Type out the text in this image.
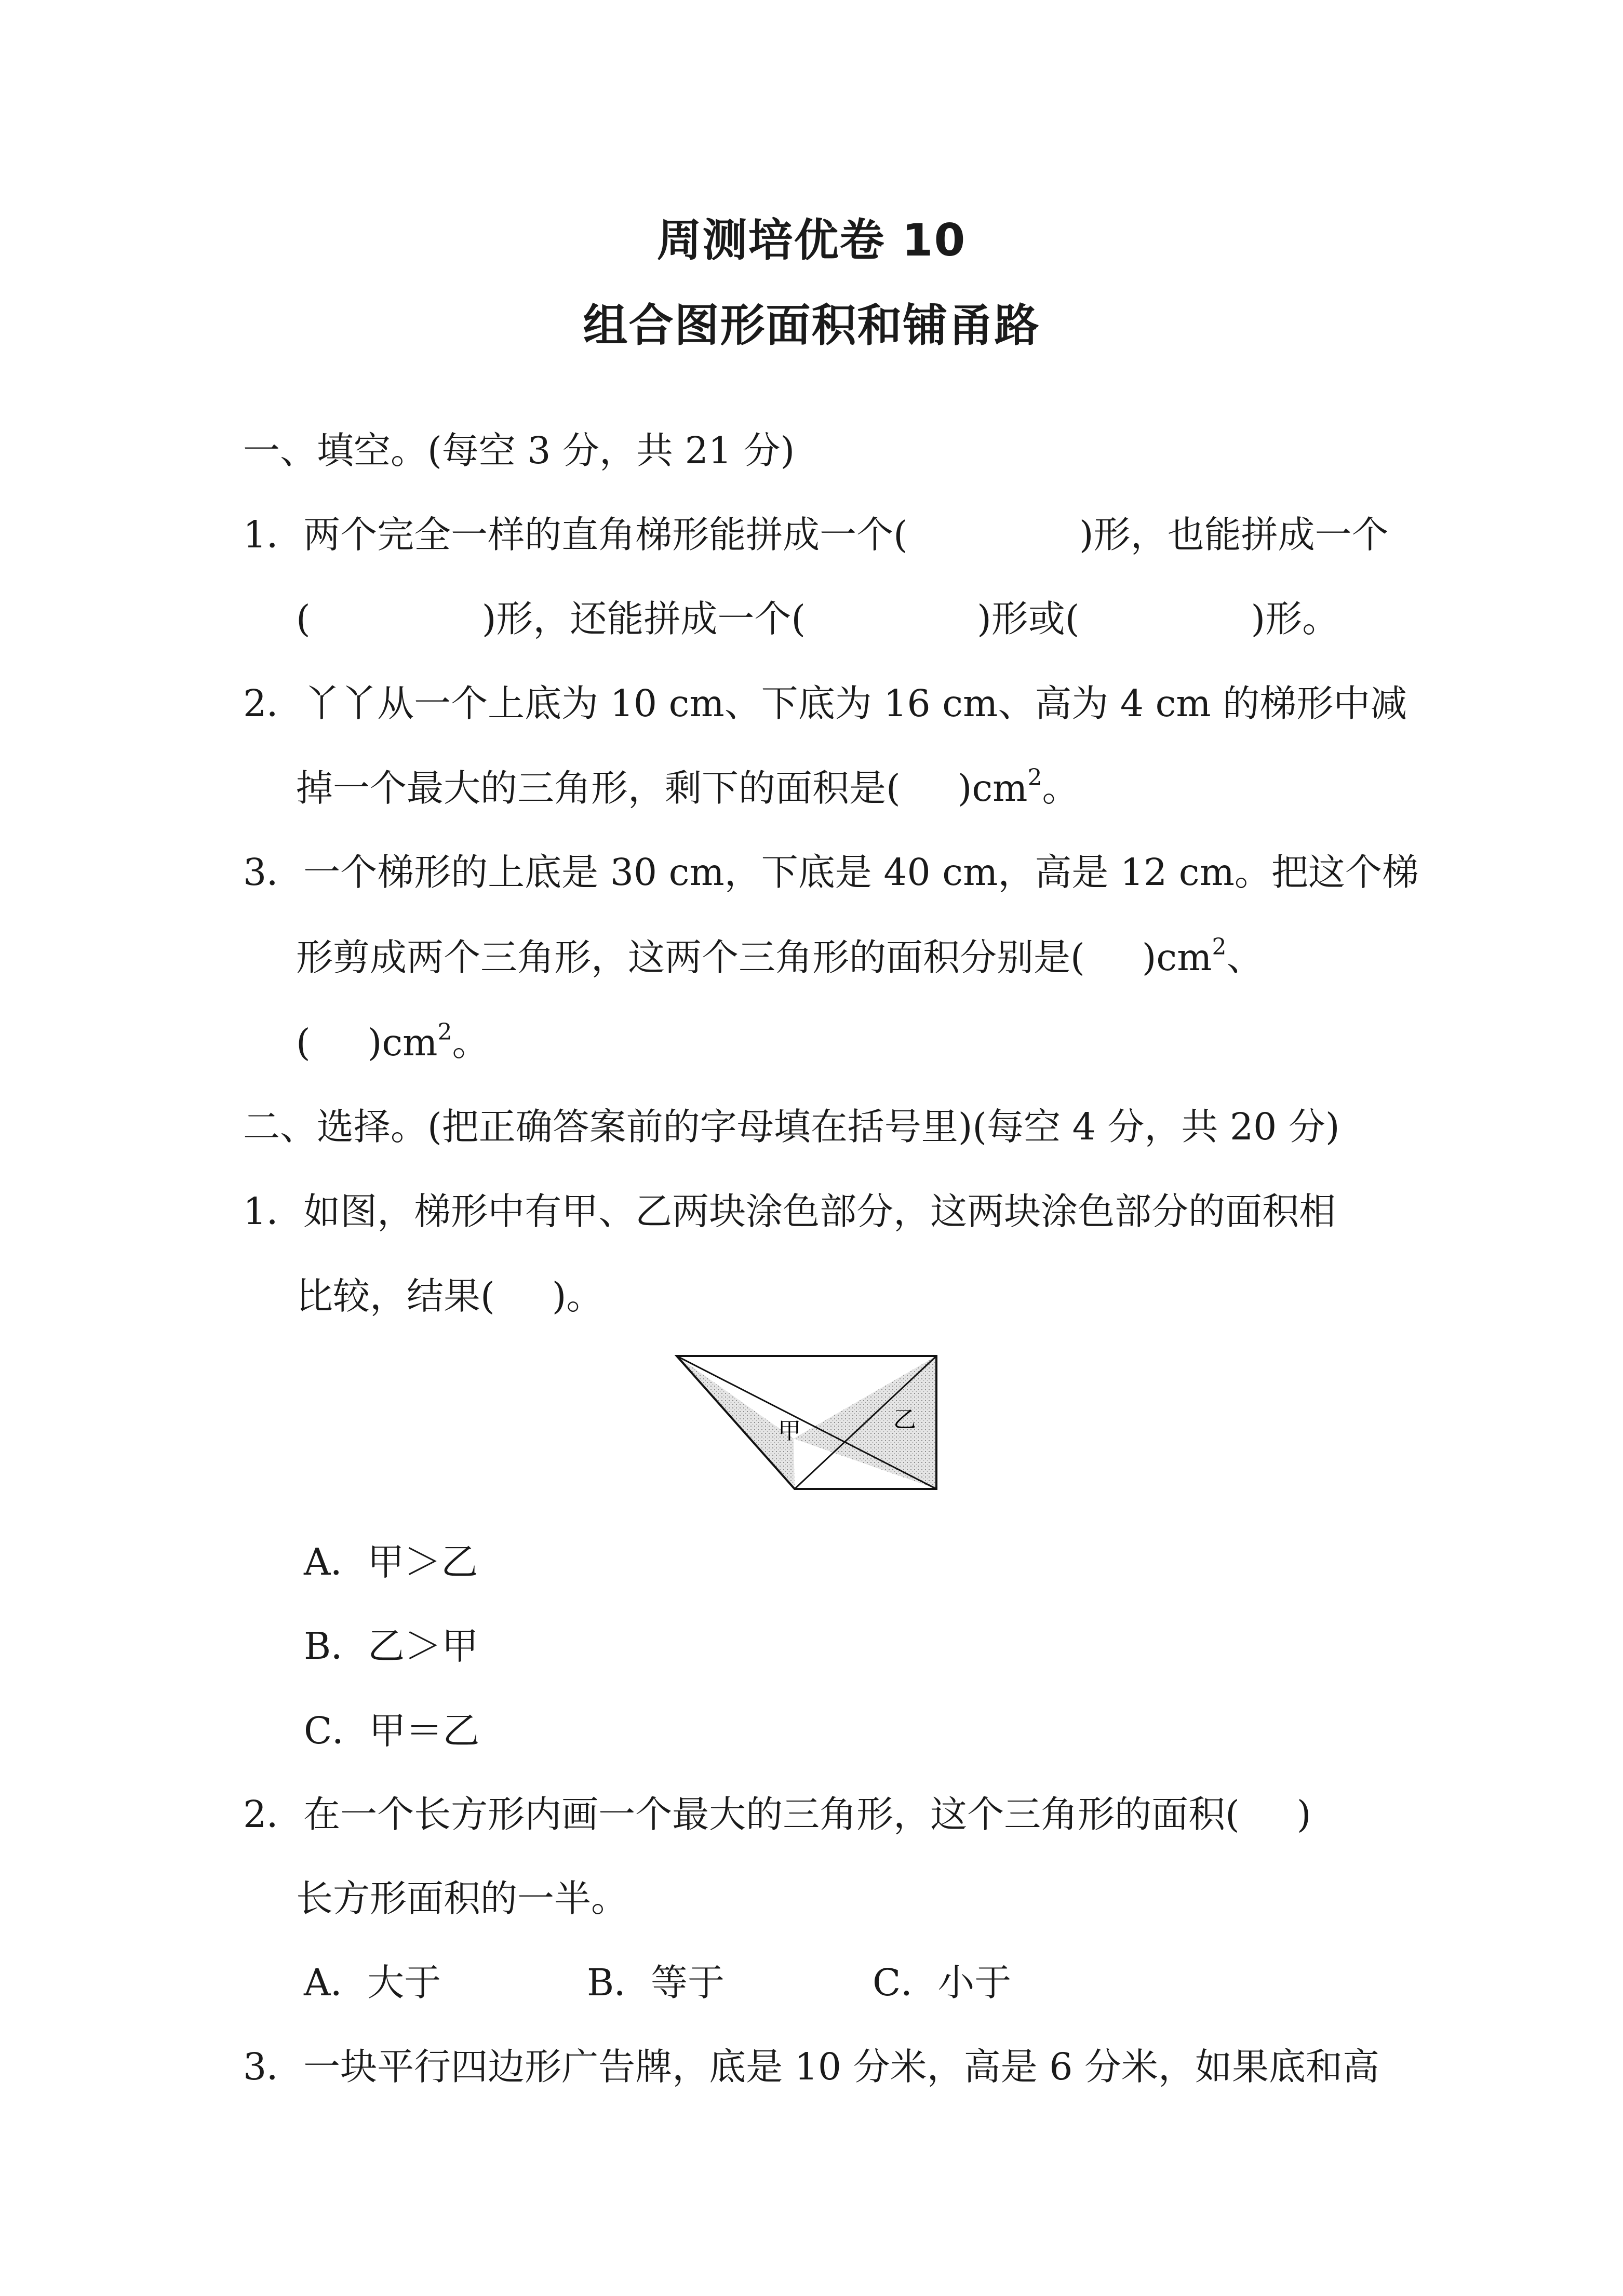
周测培优卷 10
组合图形面积和铺甬路
一、填空。(每空 3 分，共 21 分)
1．两个完全一样的直角梯形能拼成一个(	)形，也能拼成一个
(	)形，还能拼成一个(	)形或(	)形。
2．丫丫从一个上底为 10 cm、下底为 16 cm、高为 4 cm 的梯形中减
掉一个最大的三角形，剩下的面积是( )$cm^2$。
3．一个梯形的上底是 30 cm，下底是 40 cm，高是 12 cm。把这个梯
形剪成两个三角形，这两个三角形的面积分别是( )$cm^2$、
( )$cm^2$。
二、选择。(把正确答案前的字母填在括号里)(每空 4 分，共 20 分)
1．如图，梯形中有甲、乙两块涂色部分，这两块涂色部分的面积相
比较，结果( )。
甲	乙
A．甲＞乙
B．乙＞甲
C．甲＝乙
2．在一个长方形内画一个最大的三角形，这个三角形的面积( )
长方形面积的一半。
A．大于	B．等于	C．小于
3．一块平行四边形广告牌，底是 10 分米，高是 6 分米，如果底和高
